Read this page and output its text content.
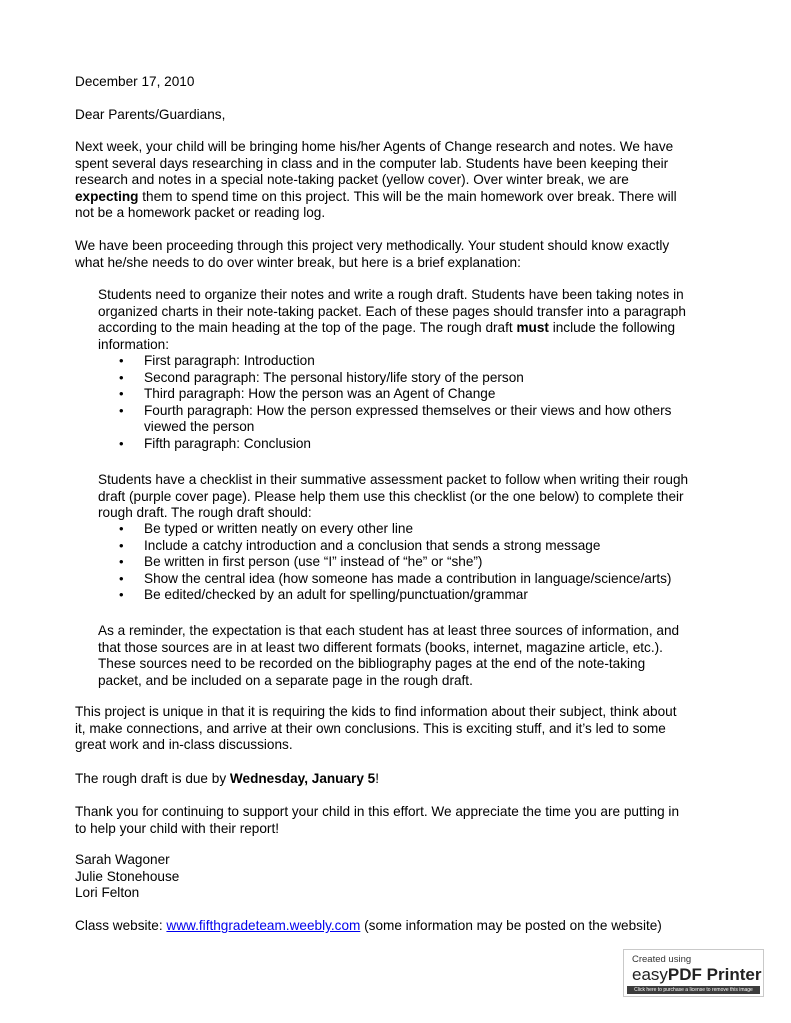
December 17, 2010

Dear Parents/Guardians,

Next week, your child will be bringing home his/her Agents of Change research and notes. We have
spent several days researching in class and in the computer lab. Students have been keeping their
research and notes in a special note-taking packet (yellow cover). Over winter break, we are
expecting them to spend time on this project. This will be the main homework over break. There will
not be a homework packet or reading log.

We have been proceeding through this project very methodically. Your student should know exactly
what he/she needs to do over winter break, but here is a brief explanation:

Students need to organize their notes and write a rough draft. Students have been taking notes in
organized charts in their note-taking packet. Each of these pages should transfer into a paragraph
according to the main heading at the top of the page. The rough draft must include the following
information:

• First paragraph: Introduction
• Second paragraph: The personal history/life story of the person
• Third paragraph: How the person was an Agent of Change
• Fourth paragraph: How the person expressed themselves or their views and how others
viewed the person
• Fifth paragraph: Conclusion

Students have a checklist in their summative assessment packet to follow when writing their rough
draft (purple cover page). Please help them use this checklist (or the one below) to complete their
rough draft. The rough draft should:

• Be typed or written neatly on every other line
• Include a catchy introduction and a conclusion that sends a strong message
• Be written in first person (use “I” instead of “he” or “she”)
• Show the central idea (how someone has made a contribution in language/science/arts)
• Be edited/checked by an adult for spelling/punctuation/grammar

As a reminder, the expectation is that each student has at least three sources of information, and
that those sources are in at least two different formats (books, internet, magazine article, etc.).
These sources need to be recorded on the bibliography pages at the end of the note-taking
packet, and be included on a separate page in the rough draft.

This project is unique in that it is requiring the kids to find information about their subject, think about
it, make connections, and arrive at their own conclusions. This is exciting stuff, and it’s led to some
great work and in-class discussions.

The rough draft is due by Wednesday, January 5!

Thank you for continuing to support your child in this effort. We appreciate the time you are putting in
to help your child with their report!

Sarah Wagoner
Julie Stonehouse
Lori Felton

Class website: www.fifthgradeteam.weebly.com (some information may be posted on the website)

Created using
easyPDF Printer
Click here to purchase a license to remove this image
